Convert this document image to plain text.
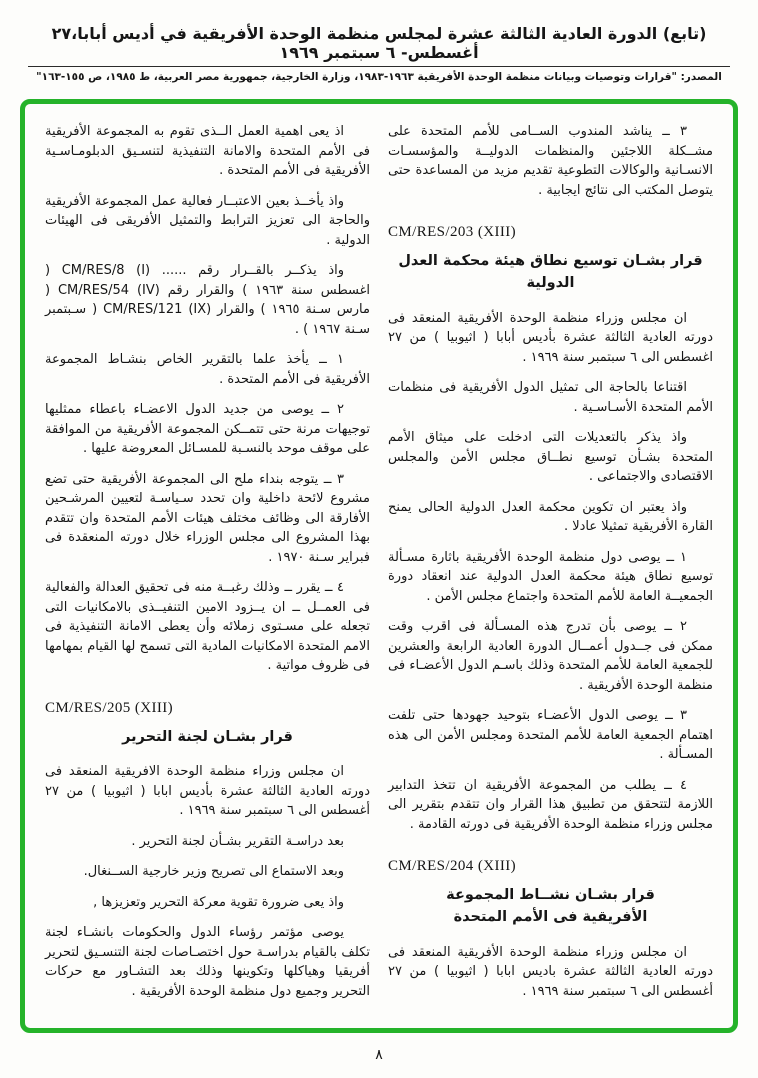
(تابع) الدورة العادية الثالثة عشرة لمجلس منظمة الوحدة الأفريقية في أديس أبابا،٢٧ أغسطس- ٦ سبتمبر ١٩٦٩
المصدر: "قرارات وتوصيات وبيانات منظمة الوحدة الأفريقية ١٩٦٣-١٩٨٣، وزارة الخارجية، جمهورية مصر العربية، ط ١٩٨٥، ص ١٥٥-١٦٣"

٣ ــ يناشد المندوب الســامى للأمم المتحدة على مشــكلة اللاجئين والمنظمات الدوليــة والمؤسسـات الانسـانية والوكالات التطوعية تقديم مزيد من المساعدة حتى يتوصل المكتب الى نتائج ايجابية .

CM/RES/203 (XIII)
قرار بشـان توسيع نطاق هيئة محكمة العدل الدولية

ان مجلس وزراء منظمة الوحدة الأفريقية المنعقد فى دورته العادية الثالثة عشرة بأديس أبابا ( اثيوبيا ) من ٢٧ اغسطس الى ٦ سبتمبر سنة ١٩٦٩ .

اقتناعا بالحاجة الى تمثيل الدول الأفريقية فى منظمات الأمم المتحدة الأسـاسـية .

واذ يذكر بالتعديلات التى ادخلت على ميثاق الأمم المتحدة بشـأن توسيع نطــاق مجلس الأمن والمجلس الاقتصادى والاجتماعى .

واذ يعتبر ان تكوين محكمة العدل الدولية الحالى يمنح القارة الأفريقية تمثيلا عادلا .

١ ــ يوصى دول منظمة الوحدة الأفريقية باثارة مسـألة توسيع نطاق هيئة محكمة العدل الدولية عند انعقاد دورة الجمعيــة العامة للأمم المتحدة واجتماع مجلس الأمن .

٢ ــ يوصى بأن تدرج هذه المسـألة فى اقرب وقت ممكن فى جــدول أعمــال الدورة العادية الرابعة والعشرين للجمعية العامة للأمم المتحدة وذلك باسـم الدول الأعضـاء فى منظمة الوحدة الأفريقية .

٣ ــ يوصى الدول الأعضـاء بتوحيد جهودها حتى تلفت اهتمام الجمعية العامة للأمم المتحدة ومجلس الأمن الى هذه المسـألة .

٤ ــ يطلب من المجموعة الأفريقية ان تتخذ التدابير اللازمة لتتحقق من تطبيق هذا القرار وان تتقدم بتقرير الى مجلس وزراء منظمة الوحدة الأفريقية فى دورته القادمة .

CM/RES/204 (XIII)
قرار بشـان نشــاط المجموعة
الأفريقية فى الأمم المتحدة

ان مجلس وزراء منظمة الوحدة الأفريقية المنعقد فى دورته العادية الثالثة عشرة باديس ابابا ( اثيوبيا ) من ٢٧ أغسطس الى ٦ سبتمبر سنة ١٩٦٩ .

اذ يعى اهمية العمل الــذى تقوم به المجموعة الأفريقية فى الأمم المتحدة والامانة التنفيذية لتنسـيق الدبلومـاسـية الأفريقية فى الأمم المتحدة .

واذ يأخــذ بعين الاعتبــار فعالية عمل المجموعة الأفريقية والحاجة الى تعزيز الترابط والتمثيل الأفريقى فى الهيئات الدولية .

واذ يذكــر بالقــرار رقم ...... CM/RES/8 (I) ( اغسطس سنة ١٩٦٣ ) والقرار رقم CM/RES/54 (IV) ( مارس سـنة ١٩٦٥ ) والقرار CM/RES/121 (IX) ( سـبتمبر سـنة ١٩٦٧ ) .

١ ــ يأخذ علما بالتقرير الخاص بنشـاط المجموعة الأفريقية فى الأمم المتحدة .

٢ ــ يوصى من جديد الدول الاعضـاء باعطاء ممثليها توجيهات مرنة حتى تتمــكن المجموعة الأفريقية من الموافقة على موقف موحد بالنسـبة للمسـائل المعروضة عليها .

٣ ــ يتوجه بنداء ملح الى المجموعة الأفريقية حتى تضع مشروع لائحة داخلية وان تحدد سـياسـة لتعيين المرشـحين الأفارقة الى وظائف مختلف هيئات الأمم المتحدة وان تتقدم بهذا المشروع الى مجلس الوزراء خلال دورته المنعقدة فى فبراير سـنة ١٩٧٠ .

٤ ــ يقرر ــ وذلك رغبــة منه فى تحقيق العدالة والفعالية فى العمــل ــ ان يــزود الامين التنفيــذى بالامكانيات التى تجعله على مسـتوى زملائه وأن يعطى الامانة التنفيذية فى الامم المتحدة الامكانيات المادية التى تسمح لها القيام بمهامها فى ظروف مواتية .

CM/RES/205 (XIII)
قرار بشـان لجنة التحرير

ان مجلس وزراء منظمة الوحدة الافريقية المنعقد فى دورته العادية الثالثة عشرة بأديس ابابا ( اثيوبيا ) من ٢٧ أغسطس الى ٦ سبتمبر سنة ١٩٦٩ .

بعد دراسـة التقرير بشـأن لجنة التحرير .

وبعد الاستماع الى تصريح وزير خارجية الســنغال.

واذ يعى ضرورة تقوية معركة التحرير وتعزيزها ,

يوصى مؤتمر رؤساء الدول والحكومات بانشـاء لجنة تكلف بالقيام بدراسـة حول اختصـاصات لجنة التنسـيق لتحرير أفريقيا وهياكلها وتكوينها وذلك بعد التشـاور مع حركات التحرير وجميع دول منظمة الوحدة الأفريقية .

٨
